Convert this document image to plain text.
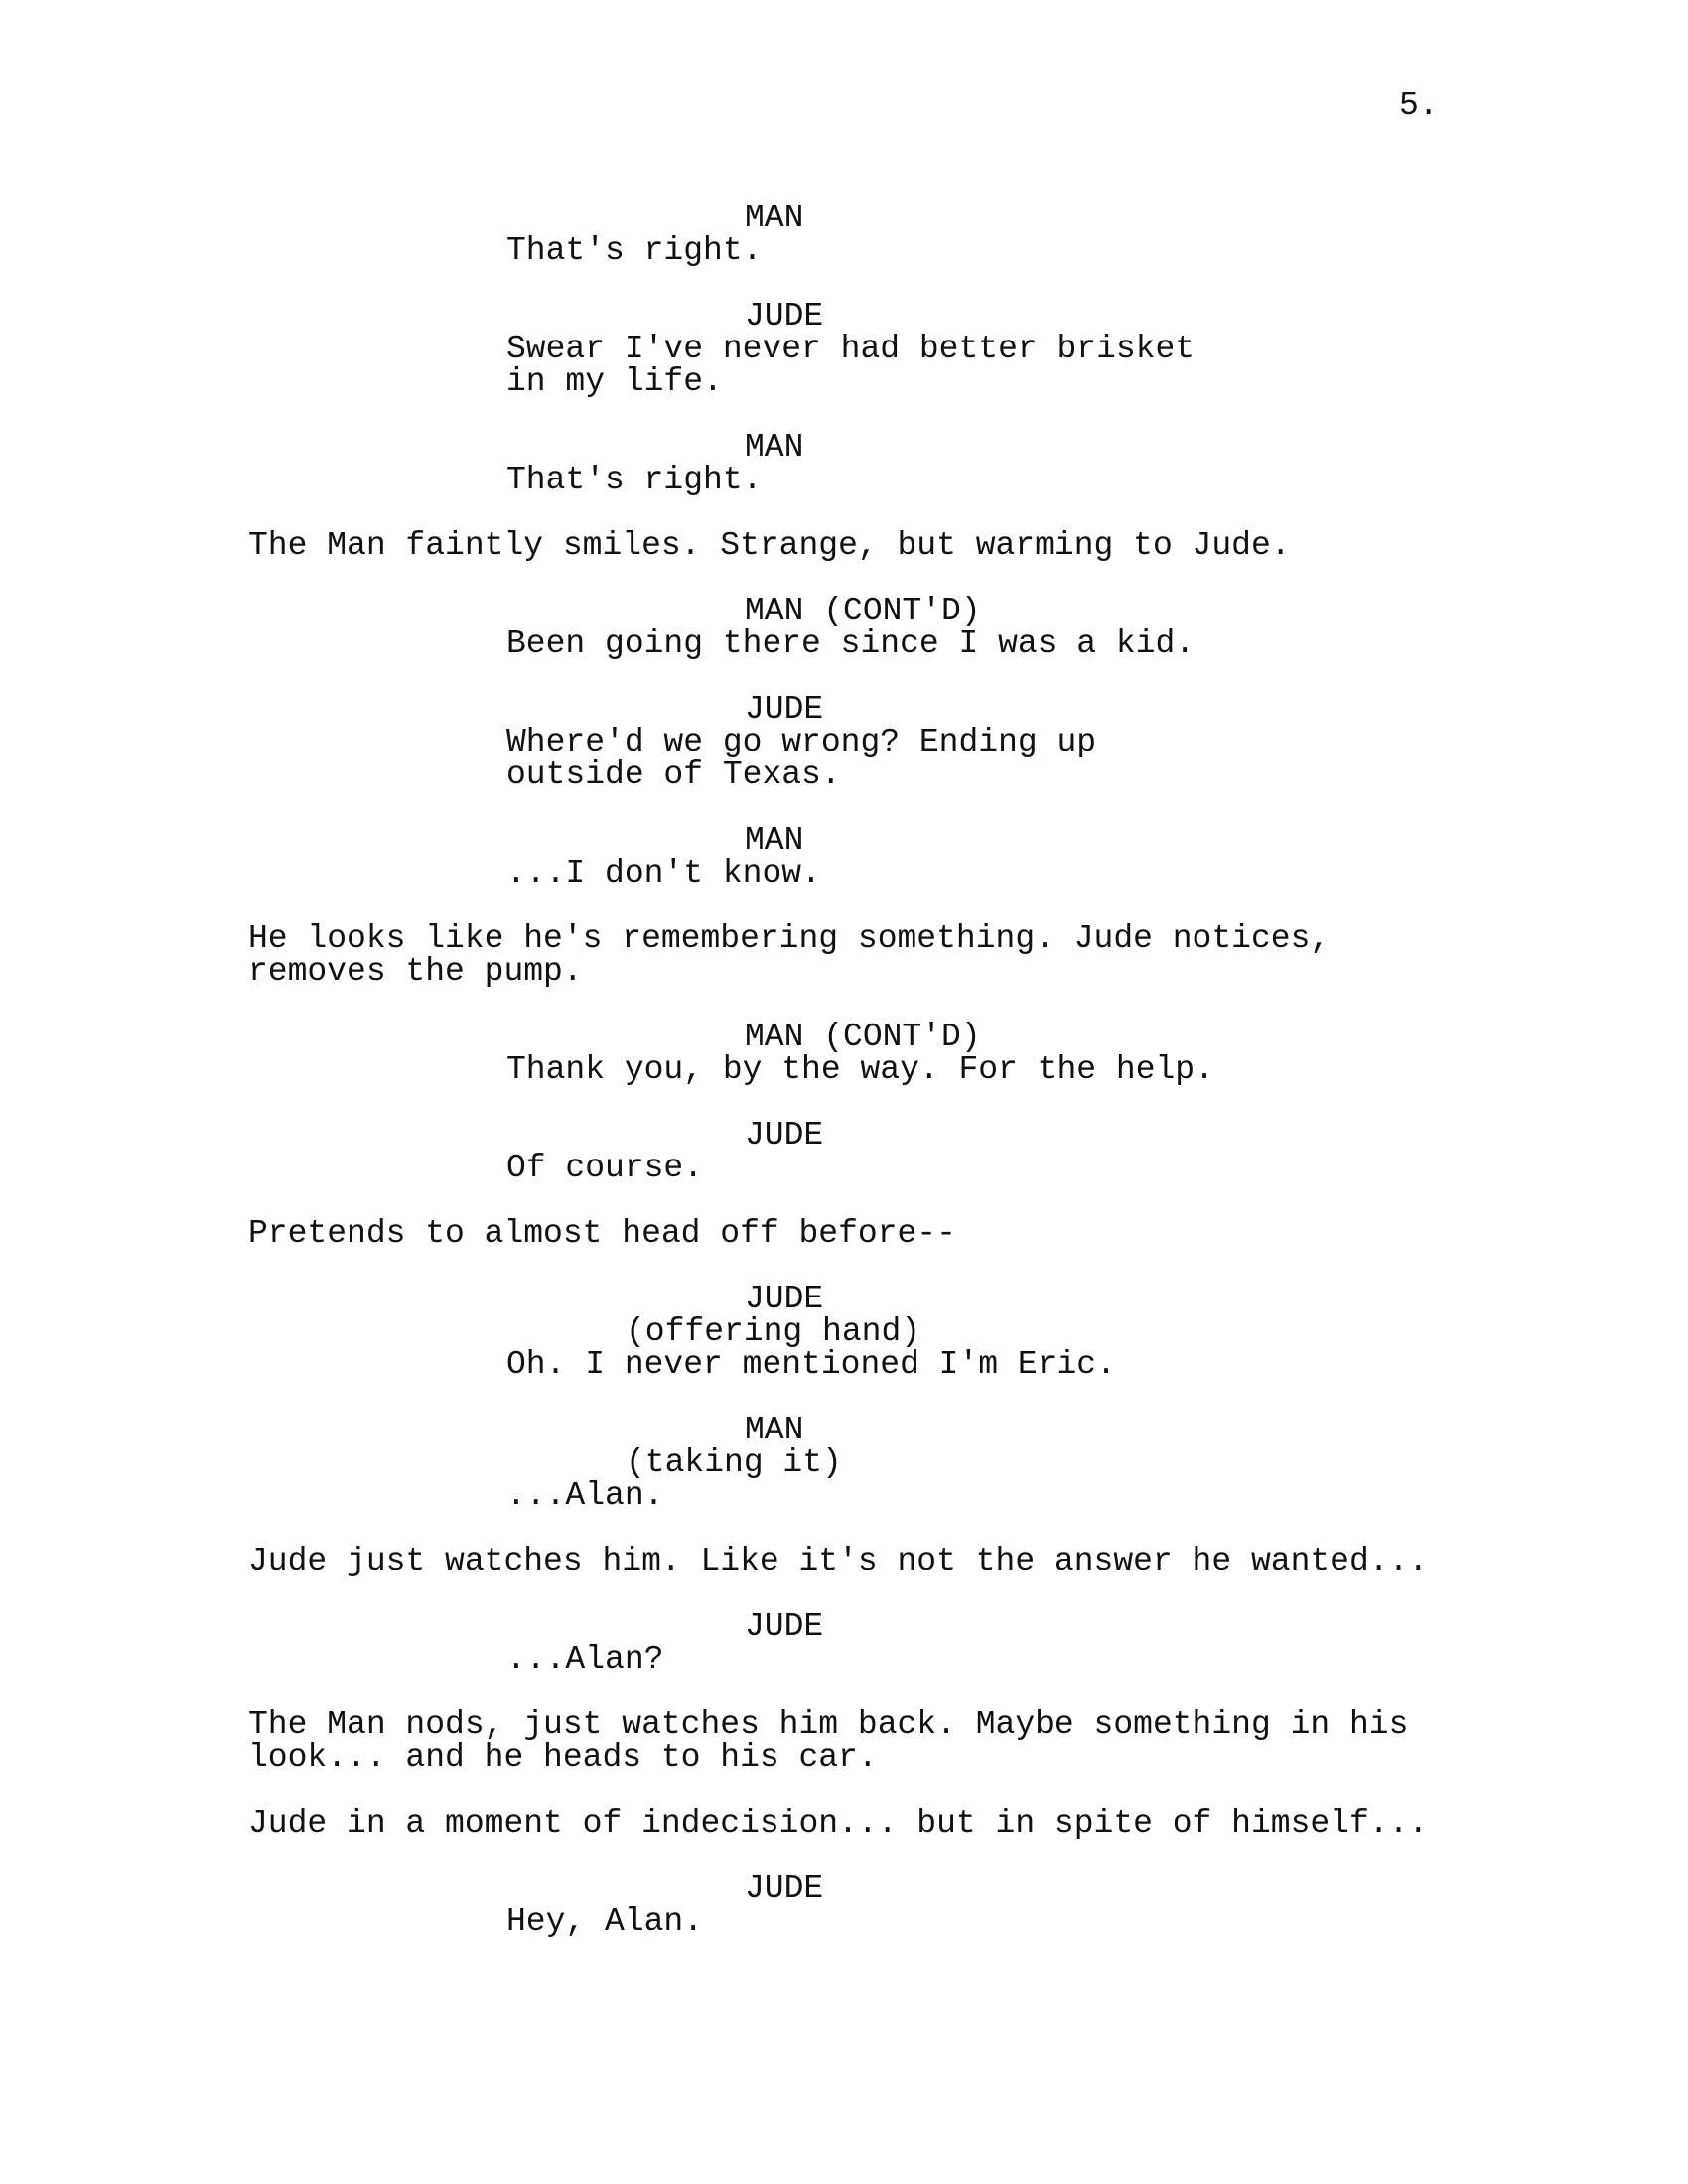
5.
MAN
That's right.
JUDE
Swear I've never had better brisket
in my life.
MAN
That's right.
The Man faintly smiles. Strange, but warming to Jude.
MAN (CONT'D)
Been going there since I was a kid.
JUDE
Where'd we go wrong? Ending up
outside of Texas.
MAN
...I don't know.
He looks like he's remembering something. Jude notices,
removes the pump.
MAN (CONT'D)
Thank you, by the way. For the help.
JUDE
Of course.
Pretends to almost head off before--
JUDE
(offering hand)
Oh. I never mentioned I'm Eric.
MAN
(taking it)
...Alan.
Jude just watches him. Like it's not the answer he wanted...
JUDE
...Alan?
The Man nods, just watches him back. Maybe something in his
look... and he heads to his car.
Jude in a moment of indecision... but in spite of himself...
JUDE
Hey, Alan.
